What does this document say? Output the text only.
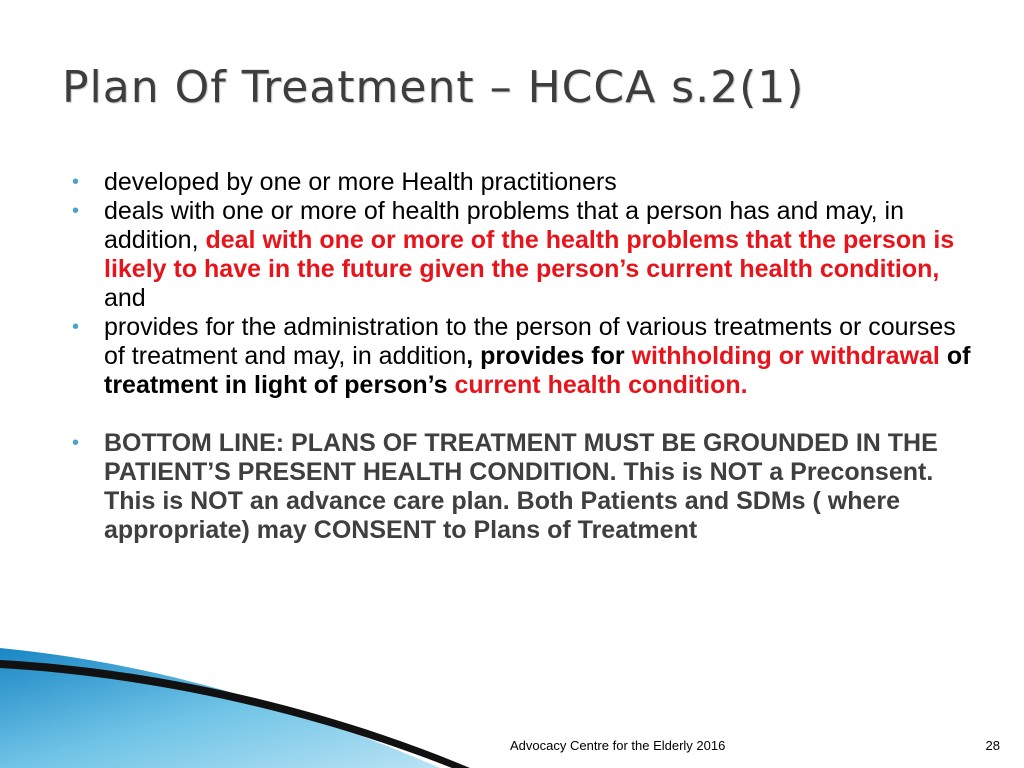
Plan Of Treatment – HCCA s.2(1)
• developed by one or more Health practitioners
• deals with one or more of health problems that a person has and may, in addition, deal with one or more of the health problems that the person is likely to have in the future given the person’s current health condition,
and
• provides for the administration to the person of various treatments or courses of treatment and may, in addition, provides for withholding or withdrawal of treatment in light of person’s current health condition.
• BOTTOM LINE: PLANS OF TREATMENT MUST BE GROUNDED IN THE PATIENT’S PRESENT HEALTH CONDITION. This is NOT a Preconsent. This is NOT an advance care plan. Both Patients and SDMs ( where appropriate) may CONSENT to Plans of Treatment
Advocacy Centre for the Elderly 2016	28
